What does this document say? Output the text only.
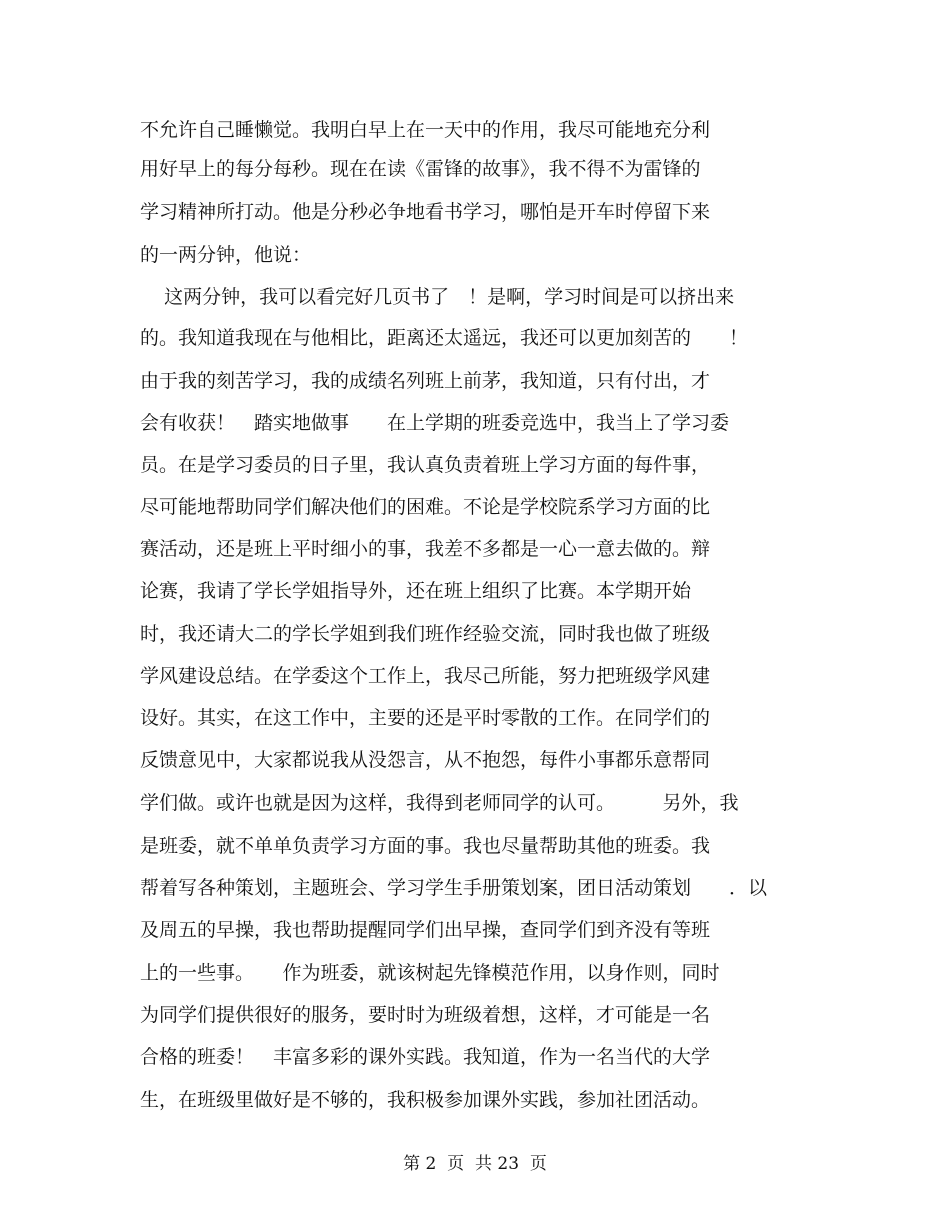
不允许自己睡懒觉。我明白早上在一天中的作用，我尽可能地充分利
用好早上的每分每秒。现在在读《雷锋的故事》，我不得不为雷锋的
学习精神所打动。他是分秒必争地看书学习，哪怕是开车时停留下来
的一两分钟，他说：
这两分钟，我可以看完好几页书了　！是啊，学习时间是可以挤出来
的。我知道我现在与他相比，距离还太遥远，我还可以更加刻苦的　　！
由于我的刻苦学习，我的成绩名列班上前茅，我知道，只有付出，才
会有收获！　踏实地做事　　在上学期的班委竞选中，我当上了学习委
员。在是学习委员的日子里，我认真负责着班上学习方面的每件事，
尽可能地帮助同学们解决他们的困难。不论是学校院系学习方面的比
赛活动，还是班上平时细小的事，我差不多都是一心一意去做的。辩
论赛，我请了学长学姐指导外，还在班上组织了比赛。本学期开始
时，我还请大二的学长学姐到我们班作经验交流，同时我也做了班级
学风建设总结。在学委这个工作上，我尽己所能，努力把班级学风建
设好。其实，在这工作中，主要的还是平时零散的工作。在同学们的
反馈意见中，大家都说我从没怨言，从不抱怨，每件小事都乐意帮同
学们做。或许也就是因为这样，我得到老师同学的认可。　　　另外，我
是班委，就不单单负责学习方面的事。我也尽量帮助其他的班委。我
帮着写各种策划，主题班会、学习学生手册策划案，团日活动策划　　．以
及周五的早操，我也帮助提醒同学们出早操，查同学们到齐没有等班
上的一些事。　　作为班委，就该树起先锋模范作用，以身作则，同时
为同学们提供很好的服务，要时时为班级着想，这样，才可能是一名
合格的班委！　丰富多彩的课外实践。我知道，作为一名当代的大学
生，在班级里做好是不够的，我积极参加课外实践，参加社团活动。
第 2  页  共 23  页
